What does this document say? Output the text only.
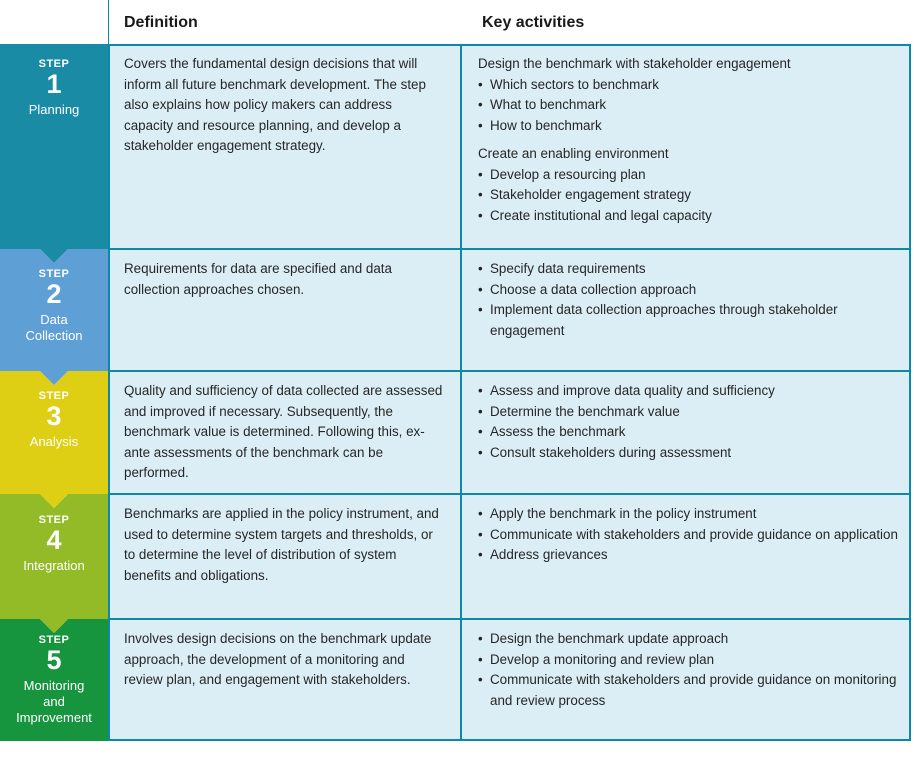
Definition	Key activities
STEP
1
Planning
STEP
2
Data
Collection
STEP
3
Analysis
STEP
4
Integration
STEP
5
Monitoring
and
Improvement
Covers the fundamental design decisions that will inform all future benchmark development. The step also explains how policy makers can address capacity and resource planning, and develop a stakeholder engagement strategy.
Design the benchmark with stakeholder engagement
• Which sectors to benchmark
• What to benchmark
• How to benchmark
Create an enabling environment
• Develop a resourcing plan
• Stakeholder engagement strategy
• Create institutional and legal capacity
Requirements for data are specified and data collection approaches chosen.
• Specify data requirements
• Choose a data collection approach
• Implement data collection approaches through stakeholder engagement
Quality and sufficiency of data collected are assessed and improved if necessary. Subsequently, the benchmark value is determined. Following this, ex-ante assessments of the benchmark can be performed.
• Assess and improve data quality and sufficiency
• Determine the benchmark value
• Assess the benchmark
• Consult stakeholders during assessment
Benchmarks are applied in the policy instrument, and used to determine system targets and thresholds, or to determine the level of distribution of system benefits and obligations.
• Apply the benchmark in the policy instrument
• Communicate with stakeholders and provide guidance on application
• Address grievances
Involves design decisions on the benchmark update approach, the development of a monitoring and review plan, and engagement with stakeholders.
• Design the benchmark update approach
• Develop a monitoring and review plan
• Communicate with stakeholders and provide guidance on monitoring and review process
